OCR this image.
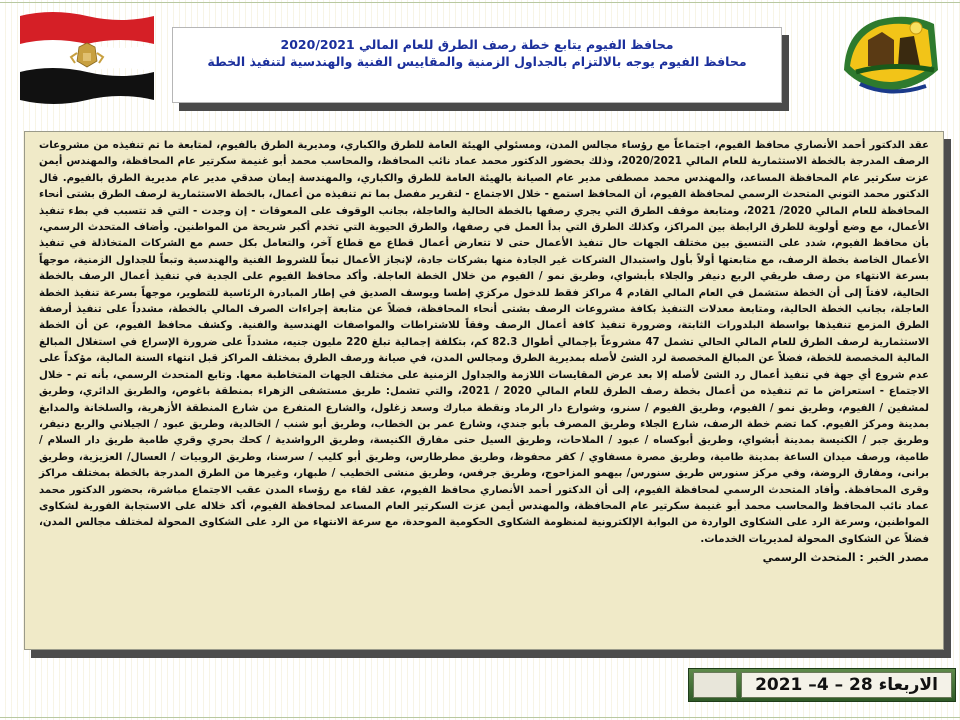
محافظ الفيوم يتابع خطة رصف الطرق للعام المالي 2020/2021
محافظ الفيوم يوجه بالالتزام بالجداول الزمنية والمقاييس الفنية والهندسية لتنفيذ الخطة
عقد الدكتور أحمد الأنصاري محافظ الفيوم، اجتماعاً مع رؤساء مجالس المدن، ومسئولي الهيئة العامة للطرق والكباري، ومديرية الطرق بالفيوم، لمتابعة ما تم تنفيذه من مشروعات الرصف المدرجة بالخطة الاستثمارية للعام المالي 2020/2021، وذلك بحضور الدكتور محمد عماد نائب المحافظ، والمحاسب محمد أبو غنيمة سكرتير عام المحافظة، والمهندس أيمن عزت سكرتير عام المحافظة المساعد، والمهندس محمد مصطفى مدير عام الصيانة بالهيئة العامة للطرق والكباري، والمهندسة إيمان صدقي مدير عام مديرية الطرق بالفيوم. قال الدكتور محمد التوني المتحدث الرسمي لمحافظة الفيوم، أن المحافظ استمع - خلال الاجتماع - لتقرير مفصل بما تم تنفيذه من أعمال، بالخطة الاستثمارية لرصف الطرق بشتى أنحاء المحافظة للعام المالي 2020/ 2021، ومتابعة موقف الطرق التي يجري رصفها بالخطة الحالية والعاجلة، بجانب الوقوف على المعوقات - إن وجدت - التي قد تتسبب في بطء تنفيذ الأعمال، مع وضع أولوية للطرق الرابطة بين المراكز، وكذلك الطرق التي بدأ العمل في رصفها، والطرق الحيوية التي تخدم أكبر شريحة من المواطنين. وأضاف المتحدث الرسمي، بأن محافظ الفيوم، شدد على التنسيق بين مختلف الجهات حال تنفيذ الأعمال حتى لا تتعارض أعمال قطاع مع قطاع آخر، والتعامل بكل حسم مع الشركات المتخاذلة في تنفيذ الأعمال الخاصة بخطة الرصف، مع متابعتها أولاً بأول واستبدال الشركات غير الجادة منها بشركات جادة، لإنجاز الأعمال تبعاً للشروط الفنية والهندسية وتبعاً للجداول الزمنية، موجهاً بسرعة الانتهاء من رصف طريقي الربع دنيفر والجلاء بأبشواي، وطريق نمو / الفيوم من خلال الخطة العاجلة. وأكد محافظ الفيوم على الجدية في تنفيذ أعمال الرصف بالخطة الحالية، لافتاً إلى أن الخطة ستشمل في العام المالي القادم 4 مراكز فقط للدخول مركزي إطسا ويوسف الصديق في إطار المبادرة الرئاسية للتطوير، موجهاً بسرعة تنفيذ الخطة العاجلة، بجانب الخطة الحالية، ومتابعة معدلات التنفيذ بكافة مشروعات الرصف بشتى أنحاء المحافظة، فضلاً عن متابعة إجراءات الصرف المالي بالخطة، مشدداً على تنفيذ أرصفة الطرق المزمع تنفيذها بواسطة البلدورات الثابتة، وضرورة تنفيذ كافة أعمال الرصف وفقاً للاشتراطات والمواصفات الهندسية والفنية. وكشف محافظ الفيوم، عن أن الخطة الاستثمارية لرصف الطرق للعام المالي الحالي تشمل 47 مشروعاً بإجمالي أطوال 82.3 كم، بتكلفة إجمالية تبلغ 220 مليون جنيه، مشدداً على ضرورة الإسراع في استغلال المبالغ المالية المخصصة للخطة، فضلاً عن المبالغ المخصصة لرد الشئ لأصله بمديرية الطرق ومجالس المدن، في صيانة ورصف الطرق بمختلف المراكز قبل انتهاء السنة المالية، مؤكداً على عدم شروع أي جهة في تنفيذ أعمال رد الشئ لأصله إلا بعد عرض المقايسات اللازمة والجداول الزمنية على مختلف الجهات المتخاطبة معها. وتابع المتحدث الرسمي، بأنه تم - خلال الاجتماع - استعراض ما تم تنفيذه من أعمال بخطة رصف الطرق للعام المالي 2020 / 2021، والتي تشمل: طريق مستشفى الزهراء بمنطقة باغوص، والطريق الدائري، وطريق لمشفين / الفيوم، وطريق نمو / الفيوم، وطريق الفيوم / سنرو، وشوارع دار الرماد ونقطة مبارك وسعد زغلول، والشارع المتفرع من شارع المنطقة الأزهرية، والسلخانة والمدابغ بمدينة ومركز الفيوم. كما تضم خطة الرصف، شارع الجلاء وطريق المصرف بأبو جندي، وشارع عمر بن الخطاب، وطريق أبو شنب / الخالدية، وطريق عبود / الجيلاني والربع دنيفر، وطريق جبر / الكنيسة بمدينة أبشواي، وطريق أبوكساه / عبود / الملاحات، وطريق السيل حتى مفارق الكنيسة، وطريق الرواشدية / كحك بحري وقري طامية طريق دار السلام / طامية، ورصف ميدان الساعة بمدينة طامية، وطريق مصرة مسفاوي / كفر محفوظ، وطريق مطرطارس، وطريق أبو كليب / سرسنا، وطريق الروبيات / العسال/ العزيزية، وطريق برانى، ومفارق الروضة، وفي مركز سنورس طريق سنورس/ بيهمو المزاحوج، وطريق جرفس، وطريق منشى الخطيب / طبهار، وغيرها من الطرق المدرجة بالخطة بمختلف مراكز وقرى المحافظة. وأفاد المتحدث الرسمي لمحافظة الفيوم، إلى أن الدكتور أحمد الأنصاري محافظ الفيوم، عقد لقاء مع رؤساء المدن عقب الاجتماع مباشرة، بحضور الدكتور محمد عماد نائب المحافظ والمحاسب محمد أبو غنيمة سكرتير عام المحافظة، والمهندس أيمن عزت السكرتير العام المساعد لمحافظة الفيوم، أكد خلاله على الاستجابة الفورية لشكاوى المواطنين، وسرعة الرد على الشكاوى الواردة من البوابة الإلكترونية لمنظومة الشكاوى الحكومية الموحدة، مع سرعة الانتهاء من الرد على الشكاوى المحولة لمختلف مجالس المدن، فضلاً عن الشكاوى المحولة لمديريات الخدمات.
مصدر الخبر : المتحدث الرسمي
الاربعاء 28 – 4– 2021
